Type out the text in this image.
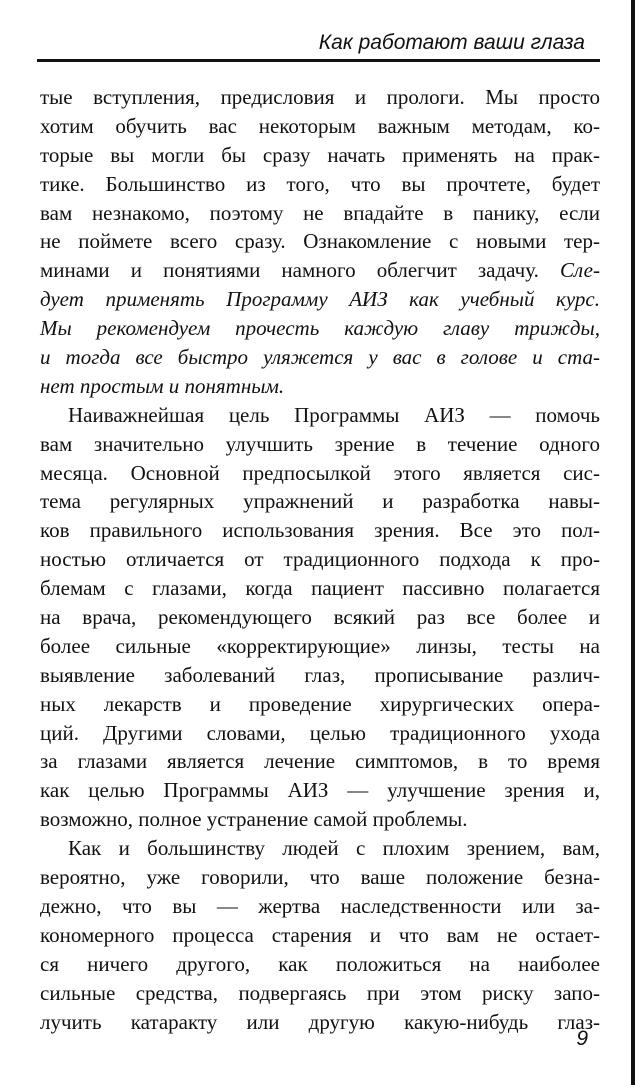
Как работают ваши глаза
тые вступления, предисловия и прологи. Мы просто
хотим обучить вас некоторым важным методам, ко-
торые вы могли бы сразу начать применять на прак-
тике. Большинство из того, что вы прочтете, будет
вам незнакомо, поэтому не впадайте в панику, если
не поймете всего сразу. Ознакомление с новыми тер-
минами и понятиями намного облегчит задачу. Сле-
дует применять Программу АИЗ как учебный курс.
Мы рекомендуем прочесть каждую главу трижды,
и тогда все быстро уляжется у вас в голове и ста-
нет простым и понятным.
Наиважнейшая цель Программы АИЗ — помочь
вам значительно улучшить зрение в течение одного
месяца. Основной предпосылкой этого является сис-
тема регулярных упражнений и разработка навы-
ков правильного использования зрения. Все это пол-
ностью отличается от традиционного подхода к про-
блемам с глазами, когда пациент пассивно полагается
на врача, рекомендующего всякий раз все более и
более сильные «корректирующие» линзы, тесты на
выявление заболеваний глаз, прописывание различ-
ных лекарств и проведение хирургических опера-
ций. Другими словами, целью традиционного ухода
за глазами является лечение симптомов, в то время
как целью Программы АИЗ — улучшение зрения и,
возможно, полное устранение самой проблемы.
Как и большинству людей с плохим зрением, вам,
вероятно, уже говорили, что ваше положение безна-
дежно, что вы — жертва наследственности или за-
кономерного процесса старения и что вам не остает-
ся ничего другого, как положиться на наиболее
сильные средства, подвергаясь при этом риску запо-
лучить катаракту или другую какую-нибудь глаз-
9
